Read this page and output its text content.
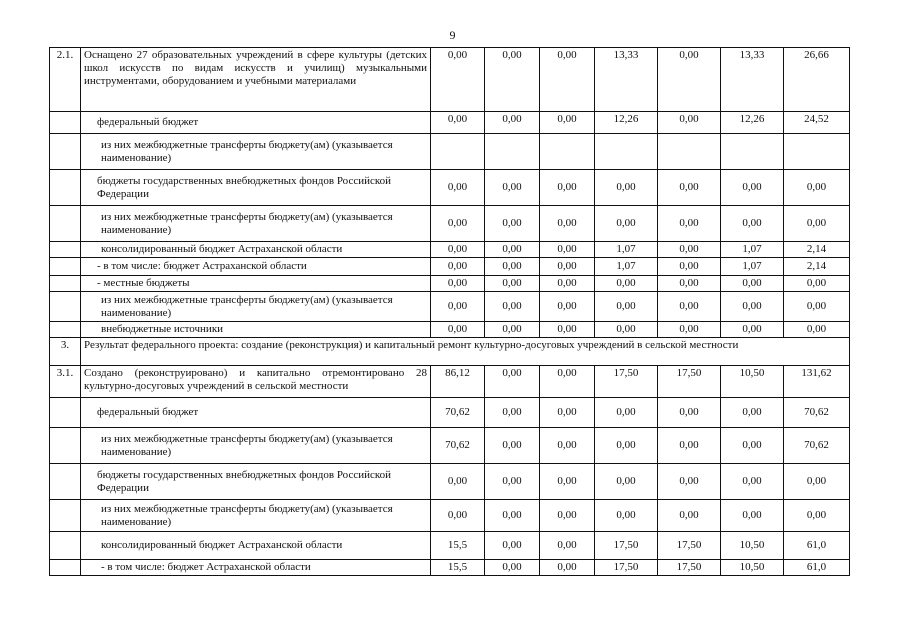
9
2.1.	Оснащено 27 образовательных учреждений в сфере культуры (детских школ искусств по видам искусств и училищ) музыкальными инструментами, оборудованием и учебными материалами	0,00	0,00	0,00	13,33	0,00	13,33	26,66
	федеральный бюджет	0,00	0,00	0,00	12,26	0,00	12,26	24,52
	из них межбюджетные трансферты бюджету(ам) (указывается наименование)							
	бюджеты государственных внебюджетных фондов Российской Федерации	0,00	0,00	0,00	0,00	0,00	0,00	0,00
	из них межбюджетные трансферты бюджету(ам) (указывается наименование)	0,00	0,00	0,00	0,00	0,00	0,00	0,00
	консолидированный бюджет Астраханской области	0,00	0,00	0,00	1,07	0,00	1,07	2,14
	- в том числе: бюджет Астраханской области	0,00	0,00	0,00	1,07	0,00	1,07	2,14
	- местные бюджеты	0,00	0,00	0,00	0,00	0,00	0,00	0,00
	из них межбюджетные трансферты бюджету(ам) (указывается наименование)	0,00	0,00	0,00	0,00	0,00	0,00	0,00
	внебюджетные источники	0,00	0,00	0,00	0,00	0,00	0,00	0,00
3.	Результат федерального проекта: создание (реконструкция) и капитальный ремонт культурно-досуговых учреждений в сельской местности							
3.1.	Создано (реконструировано) и капитально отремонтировано 28 культурно-досуговых учреждений в сельской местности	86,12	0,00	0,00	17,50	17,50	10,50	131,62
	федеральный бюджет	70,62	0,00	0,00	0,00	0,00	0,00	70,62
	из них межбюджетные трансферты бюджету(ам) (указывается наименование)	70,62	0,00	0,00	0,00	0,00	0,00	70,62
	бюджеты государственных внебюджетных фондов Российской Федерации	0,00	0,00	0,00	0,00	0,00	0,00	0,00
	из них межбюджетные трансферты бюджету(ам) (указывается наименование)	0,00	0,00	0,00	0,00	0,00	0,00	0,00
	консолидированный бюджет Астраханской области	15,5	0,00	0,00	17,50	17,50	10,50	61,0
	- в том числе: бюджет Астраханской области	15,5	0,00	0,00	17,50	17,50	10,50	61,0
